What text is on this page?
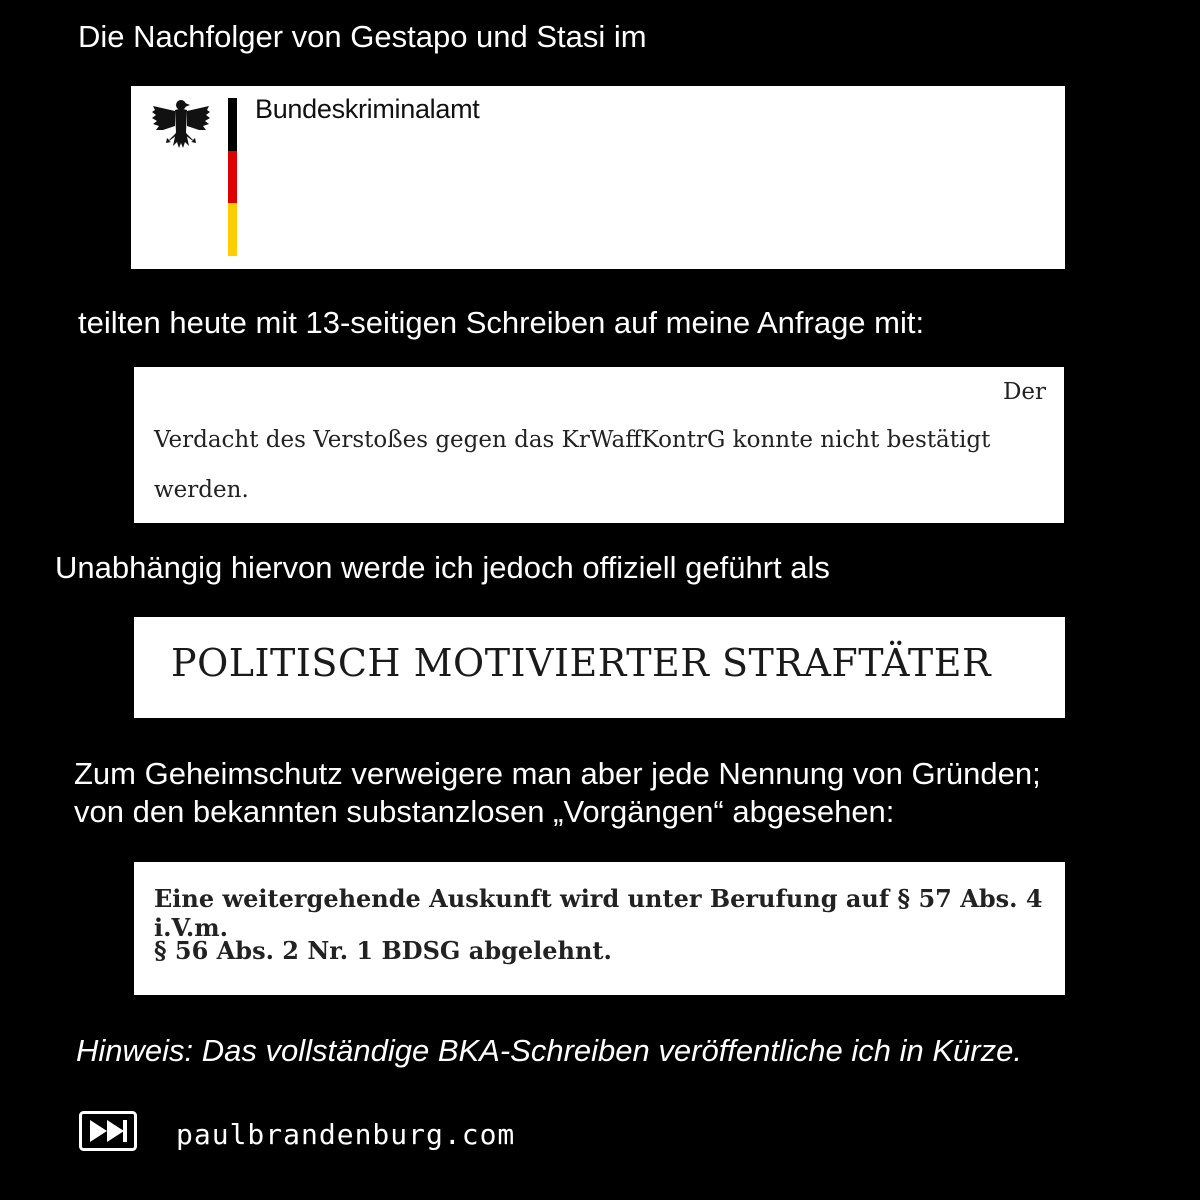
Die Nachfolger von Gestapo und Stasi im
Bundeskriminalamt
teilten heute mit 13-seitigen Schreiben auf meine Anfrage mit:
Der
Verdacht des Verstoßes gegen das KrWaffKontrG konnte nicht bestätigt
werden.
Unabhängig hiervon werde ich jedoch offiziell geführt als
POLITISCH MOTIVIERTER STRAFTÄTER
Zum Geheimschutz verweigere man aber jede Nennung von Gründen;
von den bekannten substanzlosen „Vorgängen“ abgesehen:
Eine weitergehende Auskunft wird unter Berufung auf § 57 Abs. 4 i.V.m.
§ 56 Abs. 2 Nr. 1 BDSG abgelehnt.
Hinweis: Das vollständige BKA-Schreiben veröffentliche ich in Kürze.
paulbrandenburg.com
